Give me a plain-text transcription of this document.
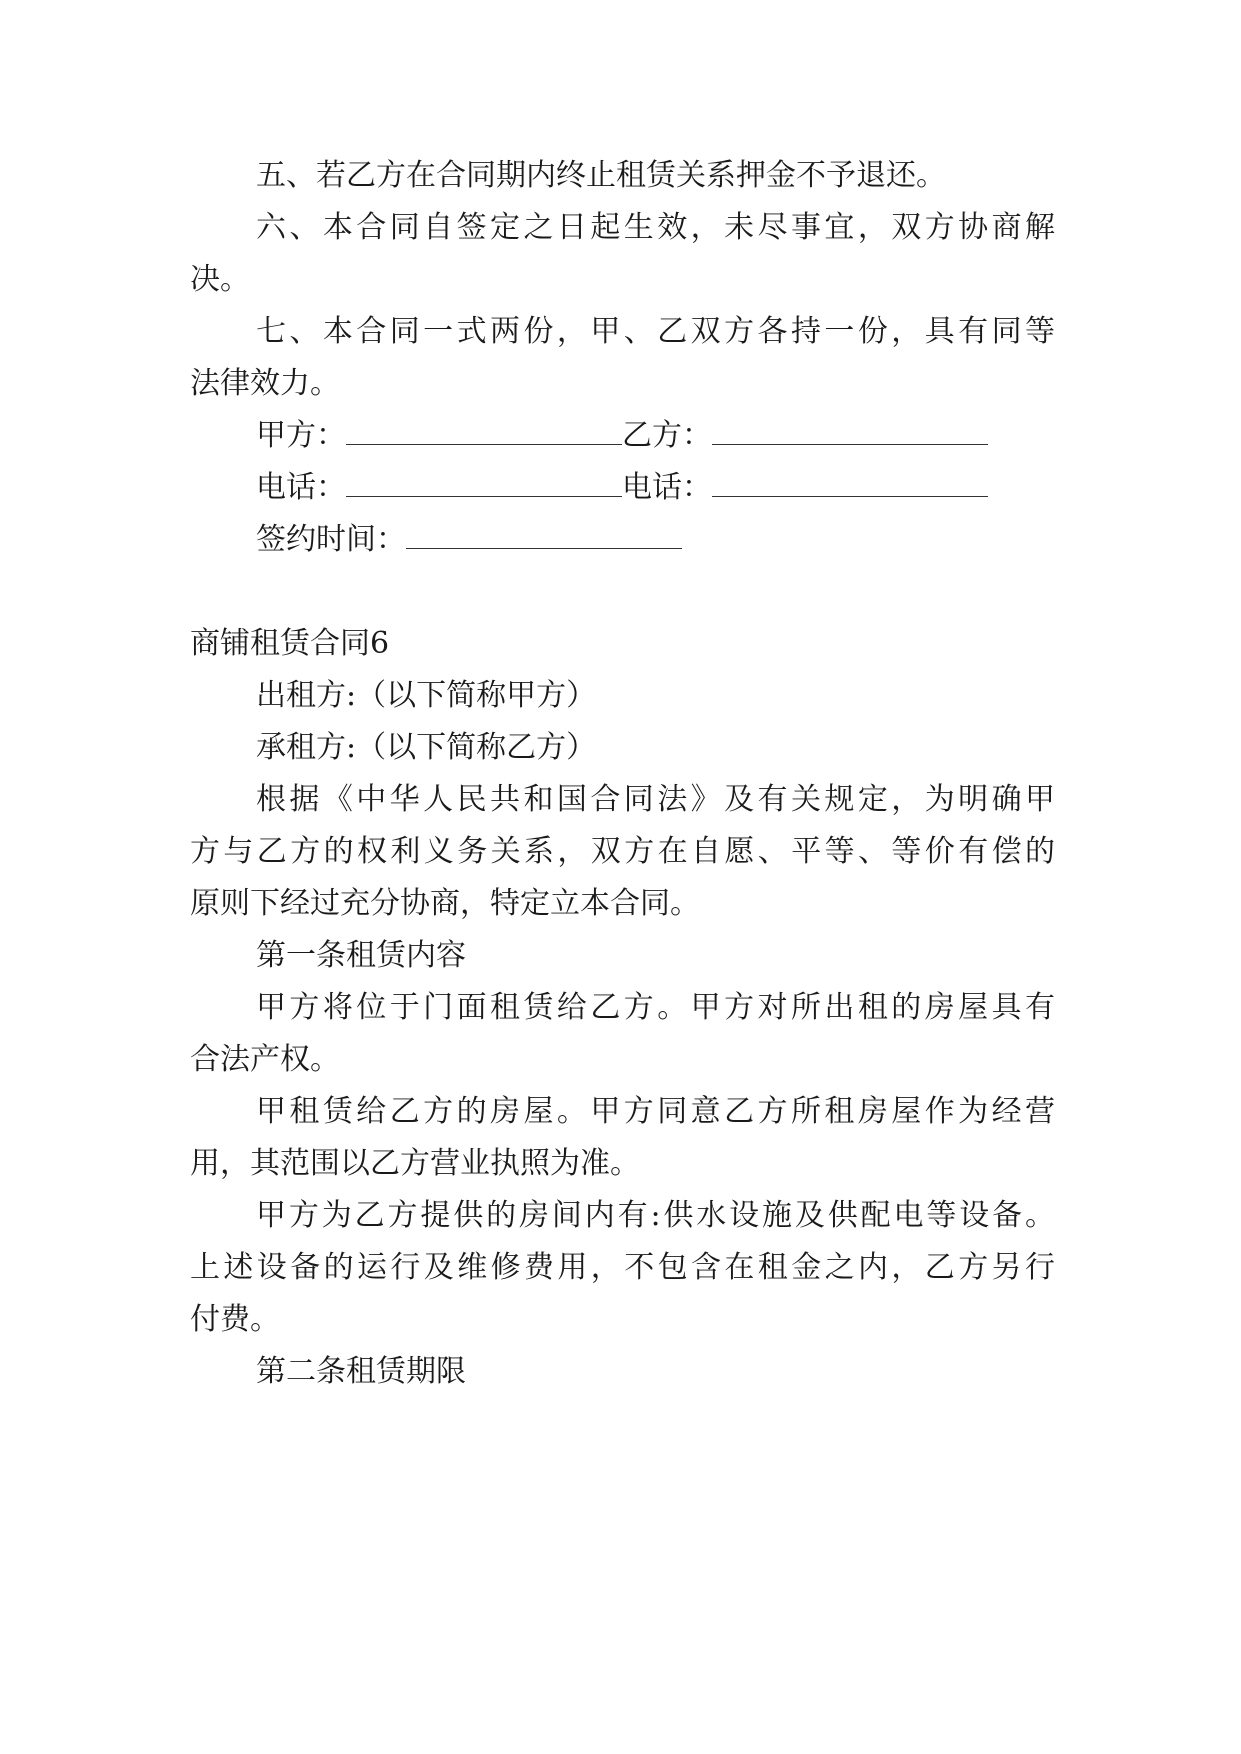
五、若乙方在合同期内终止租赁关系押金不予退还。
六、本合同自签定之日起生效，未尽事宜，双方协商解
决。
七、本合同一式两份，甲、乙双方各持一份，具有同等
法律效力。
甲方：	乙方：
电话：	电话：
签约时间：
商铺租赁合同6
出租方:（以下简称甲方）
承租方:（以下简称乙方）
根据《中华人民共和国合同法》及有关规定，为明确甲
方与乙方的权利义务关系，双方在自愿、平等、等价有偿的
原则下经过充分协商，特定立本合同。
第一条租赁内容
甲方将位于门面租赁给乙方。甲方对所出租的房屋具有
合法产权。
甲租赁给乙方的房屋。甲方同意乙方所租房屋作为经营
用，其范围以乙方营业执照为准。
甲方为乙方提供的房间内有:供水设施及供配电等设备。
上述设备的运行及维修费用，不包含在租金之内，乙方另行
付费。
第二条租赁期限
